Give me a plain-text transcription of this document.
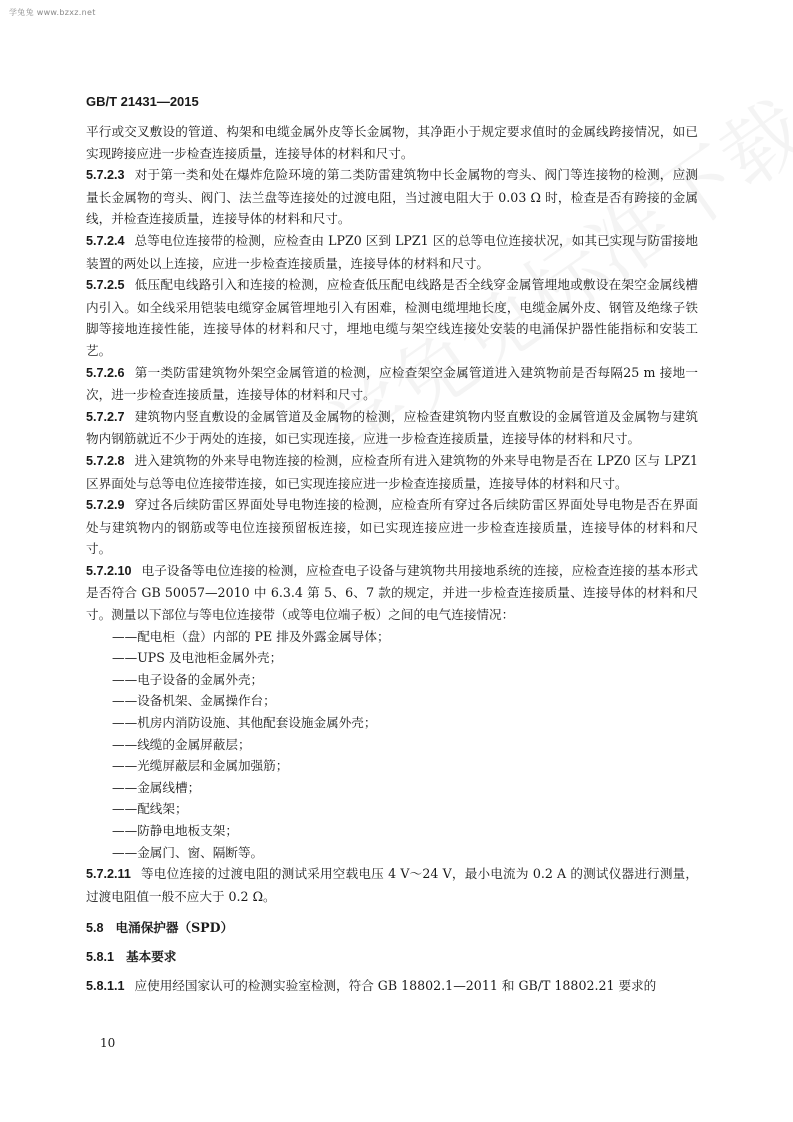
学兔兔 www.bzxz.net
GB/T 21431—2015

平行或交叉敷设的管道、构架和电缆金属外皮等长金属物，其净距小于规定要求值时的金属线跨接情况，如已实现跨接应进一步检查连接质量，连接导体的材料和尺寸。

5.7.2.3 对于第一类和处在爆炸危险环境的第二类防雷建筑物中长金属物的弯头、阀门等连接物的检测，应测量长金属物的弯头、阀门、法兰盘等连接处的过渡电阻，当过渡电阻大于 0.03 Ω 时，检查是否有跨接的金属线，并检查连接质量，连接导体的材料和尺寸。

5.7.2.4 总等电位连接带的检测，应检查由 LPZ0 区到 LPZ1 区的总等电位连接状况，如其已实现与防雷接地装置的两处以上连接，应进一步检查连接质量，连接导体的材料和尺寸。

5.7.2.5 低压配电线路引入和连接的检测，应检查低压配电线路是否全线穿金属管埋地或敷设在架空金属线槽内引入。如全线采用铠装电缆穿金属管埋地引入有困难，检测电缆埋地长度，电缆金属外皮、钢管及绝缘子铁脚等接地连接性能，连接导体的材料和尺寸，埋地电缆与架空线连接处安装的电涌保护器性能指标和安装工艺。

5.7.2.6 第一类防雷建筑物外架空金属管道的检测，应检查架空金属管道进入建筑物前是否每隔25 m 接地一次，进一步检查连接质量，连接导体的材料和尺寸。

5.7.2.7 建筑物内竖直敷设的金属管道及金属物的检测，应检查建筑物内竖直敷设的金属管道及金属物与建筑物内钢筋就近不少于两处的连接，如已实现连接，应进一步检查连接质量，连接导体的材料和尺寸。

5.7.2.8 进入建筑物的外来导电物连接的检测，应检查所有进入建筑物的外来导电物是否在 LPZ0 区与 LPZ1 区界面处与总等电位连接带连接，如已实现连接应进一步检查连接质量，连接导体的材料和尺寸。

5.7.2.9 穿过各后续防雷区界面处导电物连接的检测，应检查所有穿过各后续防雷区界面处导电物是否在界面处与建筑物内的钢筋或等电位连接预留板连接，如已实现连接应进一步检查连接质量，连接导体的材料和尺寸。

5.7.2.10 电子设备等电位连接的检测，应检查电子设备与建筑物共用接地系统的连接，应检查连接的基本形式是否符合 GB 50057—2010 中 6.3.4 第 5、6、7 款的规定，并进一步检查连接质量、连接导体的材料和尺寸。测量以下部位与等电位连接带（或等电位端子板）之间的电气连接情况：

——配电柜（盘）内部的 PE 排及外露金属导体；

——UPS 及电池柜金属外壳；

——电子设备的金属外壳；

——设备机架、金属操作台；

——机房内消防设施、其他配套设施金属外壳；

——线缆的金属屏蔽层；

——光缆屏蔽层和金属加强筋；

——金属线槽；

——配线架；

——防静电地板支架；

——金属门、窗、隔断等。

5.7.2.11 等电位连接的过渡电阻的测试采用空载电压 4 V～24 V，最小电流为 0.2 A 的测试仪器进行测量，过渡电阻值一般不应大于 0.2 Ω。

5.8 电涌保护器（SPD）

5.8.1 基本要求

5.8.1.1 应使用经国家认可的检测实验室检测，符合 GB 18802.1—2011 和 GB/T 18802.21 要求的

10
